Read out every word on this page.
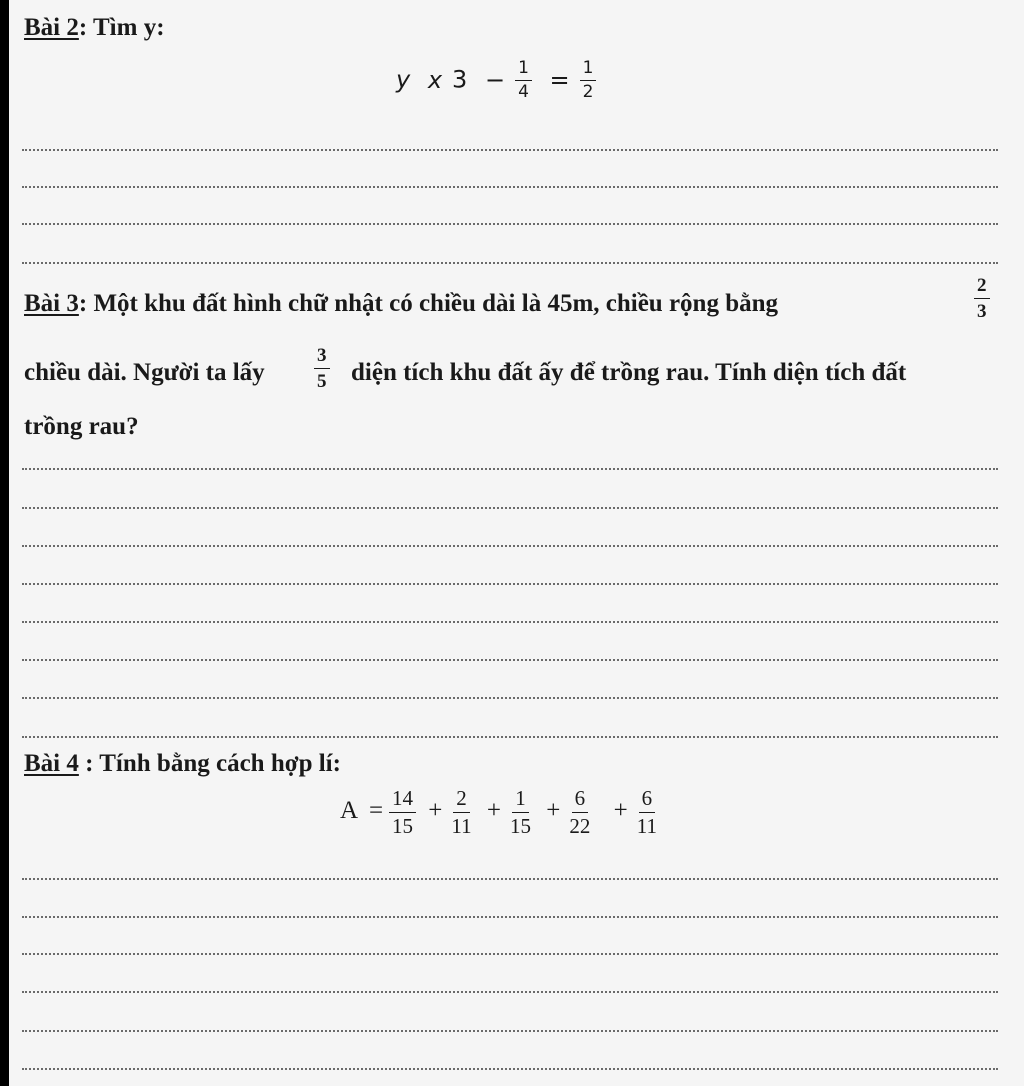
Bài 2: Tìm y:
y x $3 - \frac{1}{4} = \frac{1}{2}$
Bài 3: Một khu đất hình chữ nhật có chiều dài là 45m, chiều rộng bằng	$\frac{2}{3}$
chiều dài. Người ta lấy	$\frac{3}{5}$ diện tích khu đất ấy để trồng rau. Tính diện tích đất
trồng rau?
Bài 4 : Tính bằng cách hợp lí:
$A = \frac{14}{15} + \frac{2}{11} + \frac{1}{15} + \frac{6}{22} + \frac{6}{11}$
